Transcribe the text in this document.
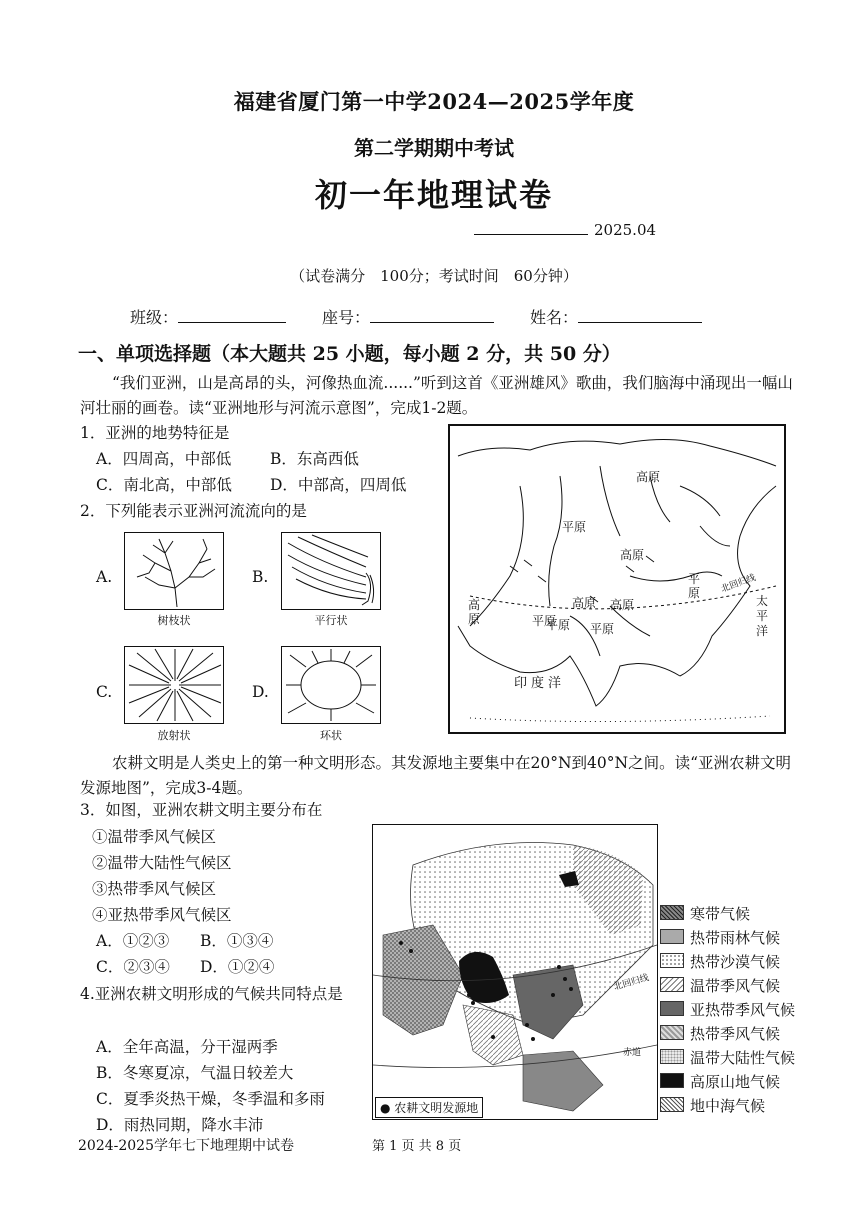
福建省厦门第一中学2024—2025学年度
第二学期期中考试
初一年地理试卷
2025.04
（试卷满分　100分；考试时间　60分钟）
班级：	座号：	姓名：
一、单项选择题（本大题共 25 小题，每小题 2 分，共 50 分）
“我们亚洲，山是高昂的头，河像热血流......”听到这首《亚洲雄风》歌曲，我们脑海中涌现出一幅山河壮丽的画卷。读“亚洲地形与河流示意图”，完成1-2题。
1．亚洲的地势特征是
A．四周高，中部低	B．东高西低
C．南北高，中部低 D．中部高，四周低
2．下列能表示亚洲河流流向的是
A.	B.
C.	D.
树枝状	平行状
放射状	环状
高原
平原
高原
平原
高原	平原
高原 高原
平原
平原
太平洋
北回归线
印度洋
农耕文明是人类史上的第一种文明形态。其发源地主要集中在20°N到40°N之间。读“亚洲农耕文明发源地图”，完成3-4题。
3．如图，亚洲农耕文明主要分布在
①温带季风气候区
②温带大陆性气候区
③热带季风气候区
④亚热带季风气候区
A．①②③ B．①③④
C．②③④ D．①②④
4.亚洲农耕文明形成的气候共同特点是
A．全年高温，分干湿两季
B．冬寒夏凉，气温日较差大
C．夏季炎热干燥，冬季温和多雨
D．雨热同期，降水丰沛
北回归线
赤道
● 农耕文明发源地
寒带气候
热带雨林气候
热带沙漠气候
温带季风气候
亚热带季风气候
热带季风气候
温带大陆性气候
高原山地气候
地中海气候
2024-2025学年七下地理期中试卷	第 1 页 共 8 页
